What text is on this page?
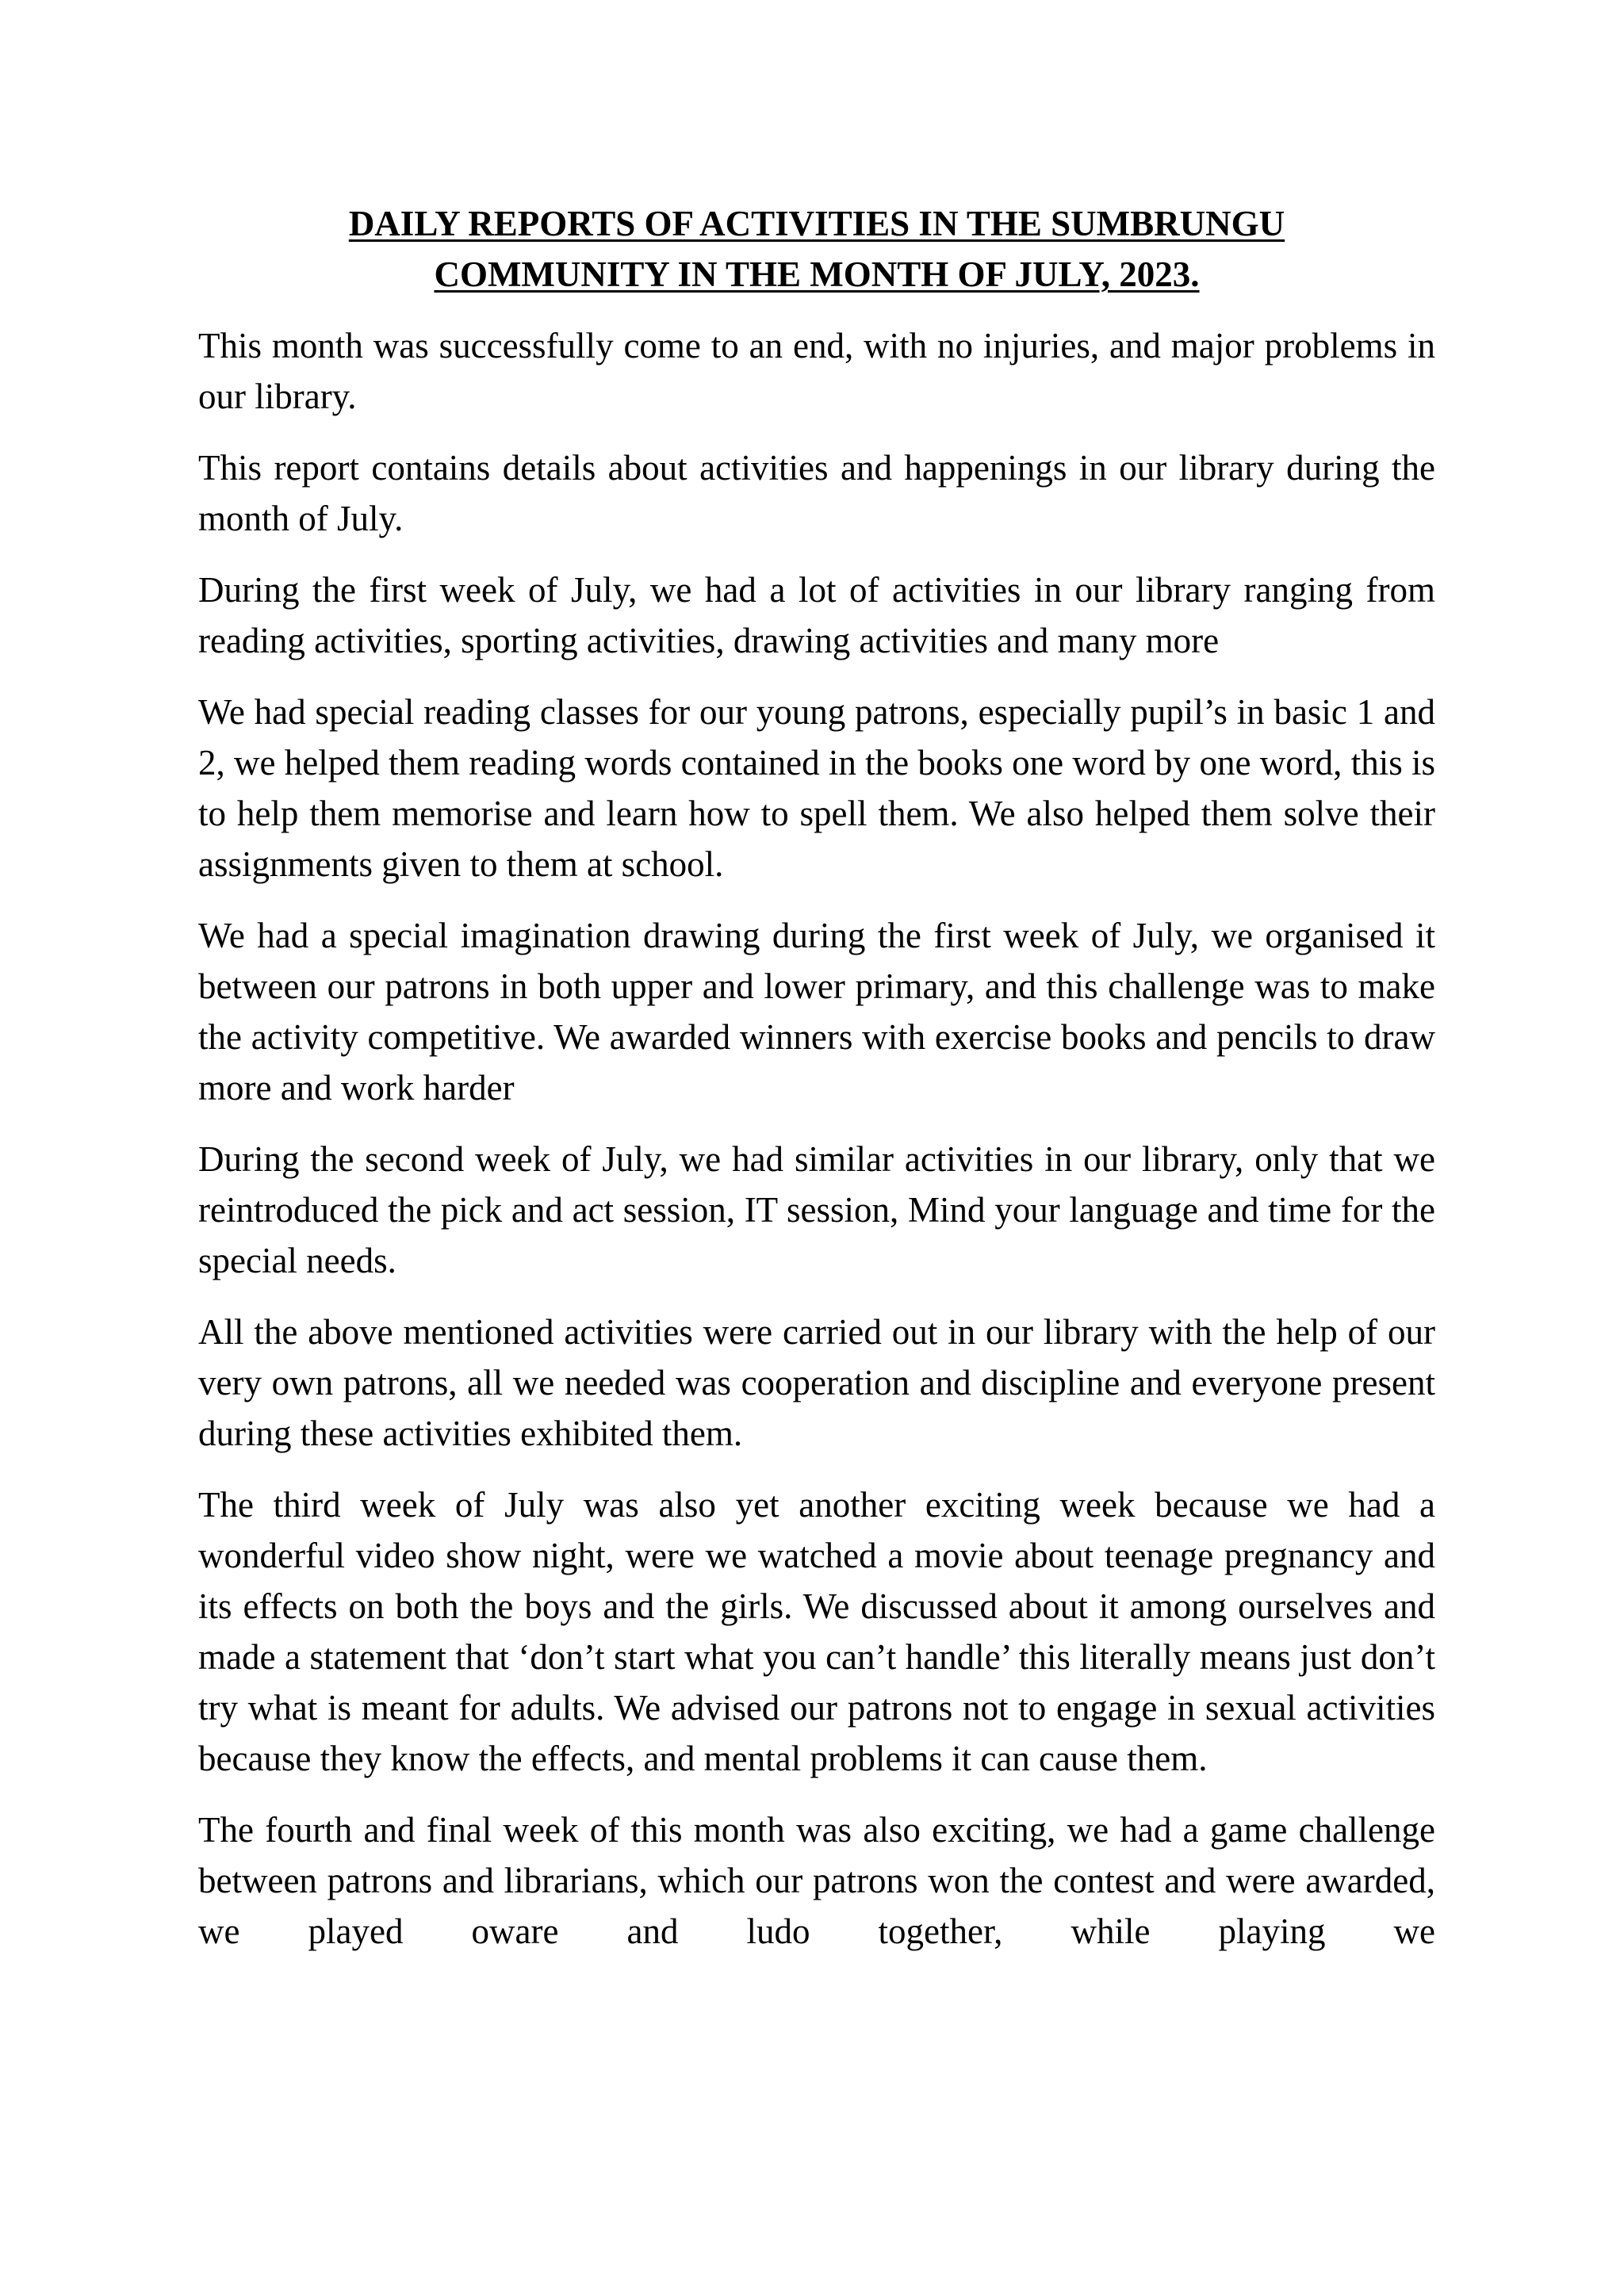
DAILY REPORTS OF ACTIVITIES IN THE SUMBRUNGU
COMMUNITY IN THE MONTH OF JULY, 2023.

This month was successfully come to an end, with no injuries, and major problems in our library.

This report contains details about activities and happenings in our library during the month of July.

During the first week of July, we had a lot of activities in our library ranging from reading activities, sporting activities, drawing activities and many more

We had special reading classes for our young patrons, especially pupil’s in basic 1 and 2, we helped them reading words contained in the books one word by one word, this is to help them memorise and learn how to spell them. We also helped them solve their assignments given to them at school.

We had a special imagination drawing during the first week of July, we organised it between our patrons in both upper and lower primary, and this challenge was to make the activity competitive. We awarded winners with exercise books and pencils to draw more and work harder

During the second week of July, we had similar activities in our library, only that we reintroduced the pick and act session, IT session, Mind your language and time for the special needs.

All the above mentioned activities were carried out in our library with the help of our very own patrons, all we needed was cooperation and discipline and everyone present during these activities exhibited them.

The third week of July was also yet another exciting week because we had a wonderful video show night, were we watched a movie about teenage pregnancy and its effects on both the boys and the girls. We discussed about it among ourselves and made a statement that ‘don’t start what you can’t handle’ this literally means just don’t try what is meant for adults. We advised our patrons not to engage in sexual activities because they know the effects, and mental problems it can cause them.

The fourth and final week of this month was also exciting, we had a game challenge between patrons and librarians, which our patrons won the contest and were awarded, we played oware and ludo together, while playing we
